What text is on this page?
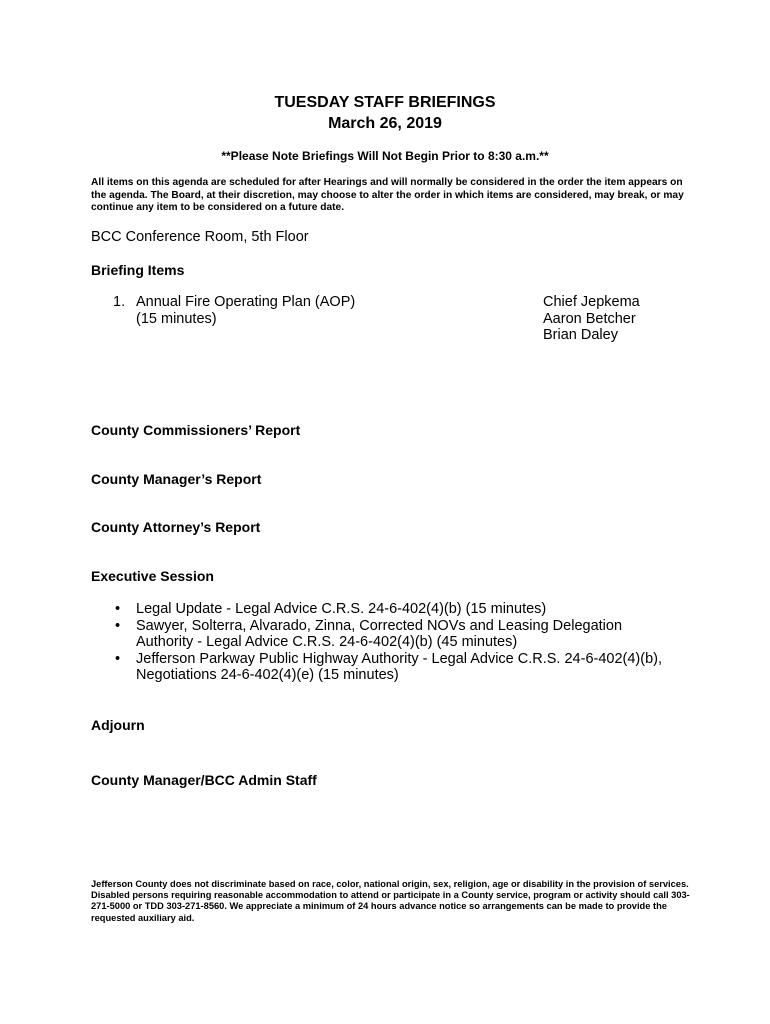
TUESDAY STAFF BRIEFINGS
March 26, 2019
**Please Note Briefings Will Not Begin Prior to 8:30 a.m.**
All items on this agenda are scheduled for after Hearings and will normally be considered in the order the item appears on the agenda. The Board, at their discretion, may choose to alter the order in which items are considered, may break, or may continue any item to be considered on a future date.
BCC Conference Room, 5th Floor
Briefing Items
1. Annual Fire Operating Plan (AOP)
(15 minutes)
Chief Jepkema
Aaron Betcher
Brian Daley
County Commissioners’ Report
County Manager’s Report
County Attorney’s Report
Executive Session
• Legal Update - Legal Advice C.R.S. 24-6-402(4)(b) (15 minutes)
• Sawyer, Solterra, Alvarado, Zinna, Corrected NOVs and Leasing Delegation Authority - Legal Advice C.R.S. 24-6-402(4)(b) (45 minutes)
• Jefferson Parkway Public Highway Authority - Legal Advice C.R.S. 24-6-402(4)(b), Negotiations 24-6-402(4)(e) (15 minutes)
Adjourn
County Manager/BCC Admin Staff
Jefferson County does not discriminate based on race, color, national origin, sex, religion, age or disability in the provision of services. Disabled persons requiring reasonable accommodation to attend or participate in a County service, program or activity should call 303-271-5000 or TDD 303-271-8560. We appreciate a minimum of 24 hours advance notice so arrangements can be made to provide the requested auxiliary aid.
